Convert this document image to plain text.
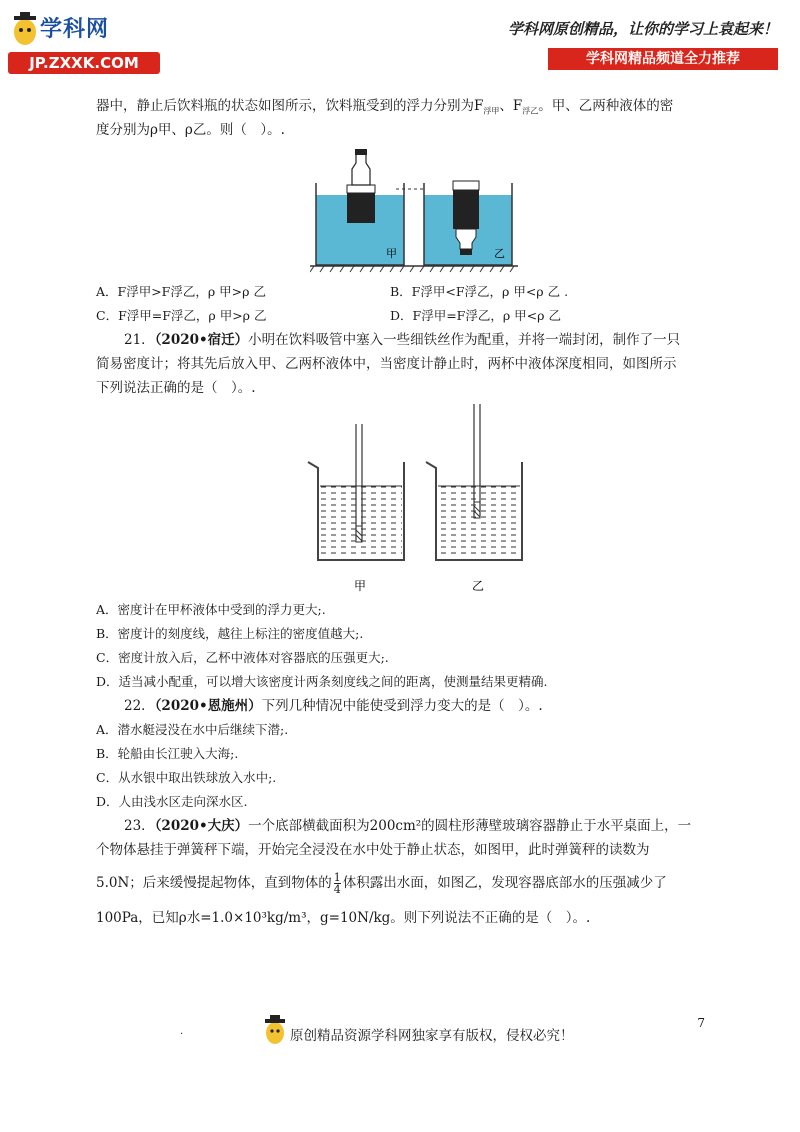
学科网
JP.ZXXK.COM
学科网原创精品，让你的学习上袁起来！
学科网精品频道全力推荐
器中，静止后饮料瓶的状态如图所示，饮料瓶受到的浮力分别为$F_{浮甲}$、$F_{浮乙}$。甲、乙两种液体的密
度分别为ρ甲、ρ乙。则（　）。.
甲	乙
A．F浮甲>F浮乙，ρ 甲>ρ 乙	B．F浮甲<F浮乙，ρ 甲<ρ 乙 .
C．F浮甲=F浮乙，ρ 甲>ρ 乙	D．F浮甲=F浮乙，ρ 甲<ρ 乙
21．（2020•宿迁）小明在饮料吸管中塞入一些细铁丝作为配重，并将一端封闭，制作了一只
简易密度计；将其先后放入甲、乙两杯液体中，当密度计静止时，两杯中液体深度相同，如图所示
下列说法正确的是（　）。.
甲	乙
A．密度计在甲杯液体中受到的浮力更大;.
B．密度计的刻度线，越往上标注的密度值越大;.
C．密度计放入后，乙杯中液体对容器底的压强更大;.
D．适当减小配重，可以增大该密度计两条刻度线之间的距离，使测量结果更精确.
22．（2020•恩施州）下列几种情况中能使受到浮力变大的是（　）。.
A．潜水艇浸没在水中后继续下潜;.
B．轮船由长江驶入大海;.
C．从水银中取出铁球放入水中;.
D．人由浅水区走向深水区.
23．（2020•大庆）一个底部横截面积为200cm²的圆柱形薄壁玻璃容器静止于水平桌面上，一
个物体悬挂于弹簧秤下端，开始完全浸没在水中处于静止状态，如图甲，此时弹簧秤的读数为
5.0N；后来缓慢提起物体，直到物体的 $\frac{1}{4}$ 体积露出水面，如图乙，发现容器底部水的压强减少了
100Pa，已知ρ水=1.0×10³kg/m³，g=10N/kg。则下列说法不正确的是（　）。.
7
.	原创精品资源学科网独家享有版权，侵权必究！
